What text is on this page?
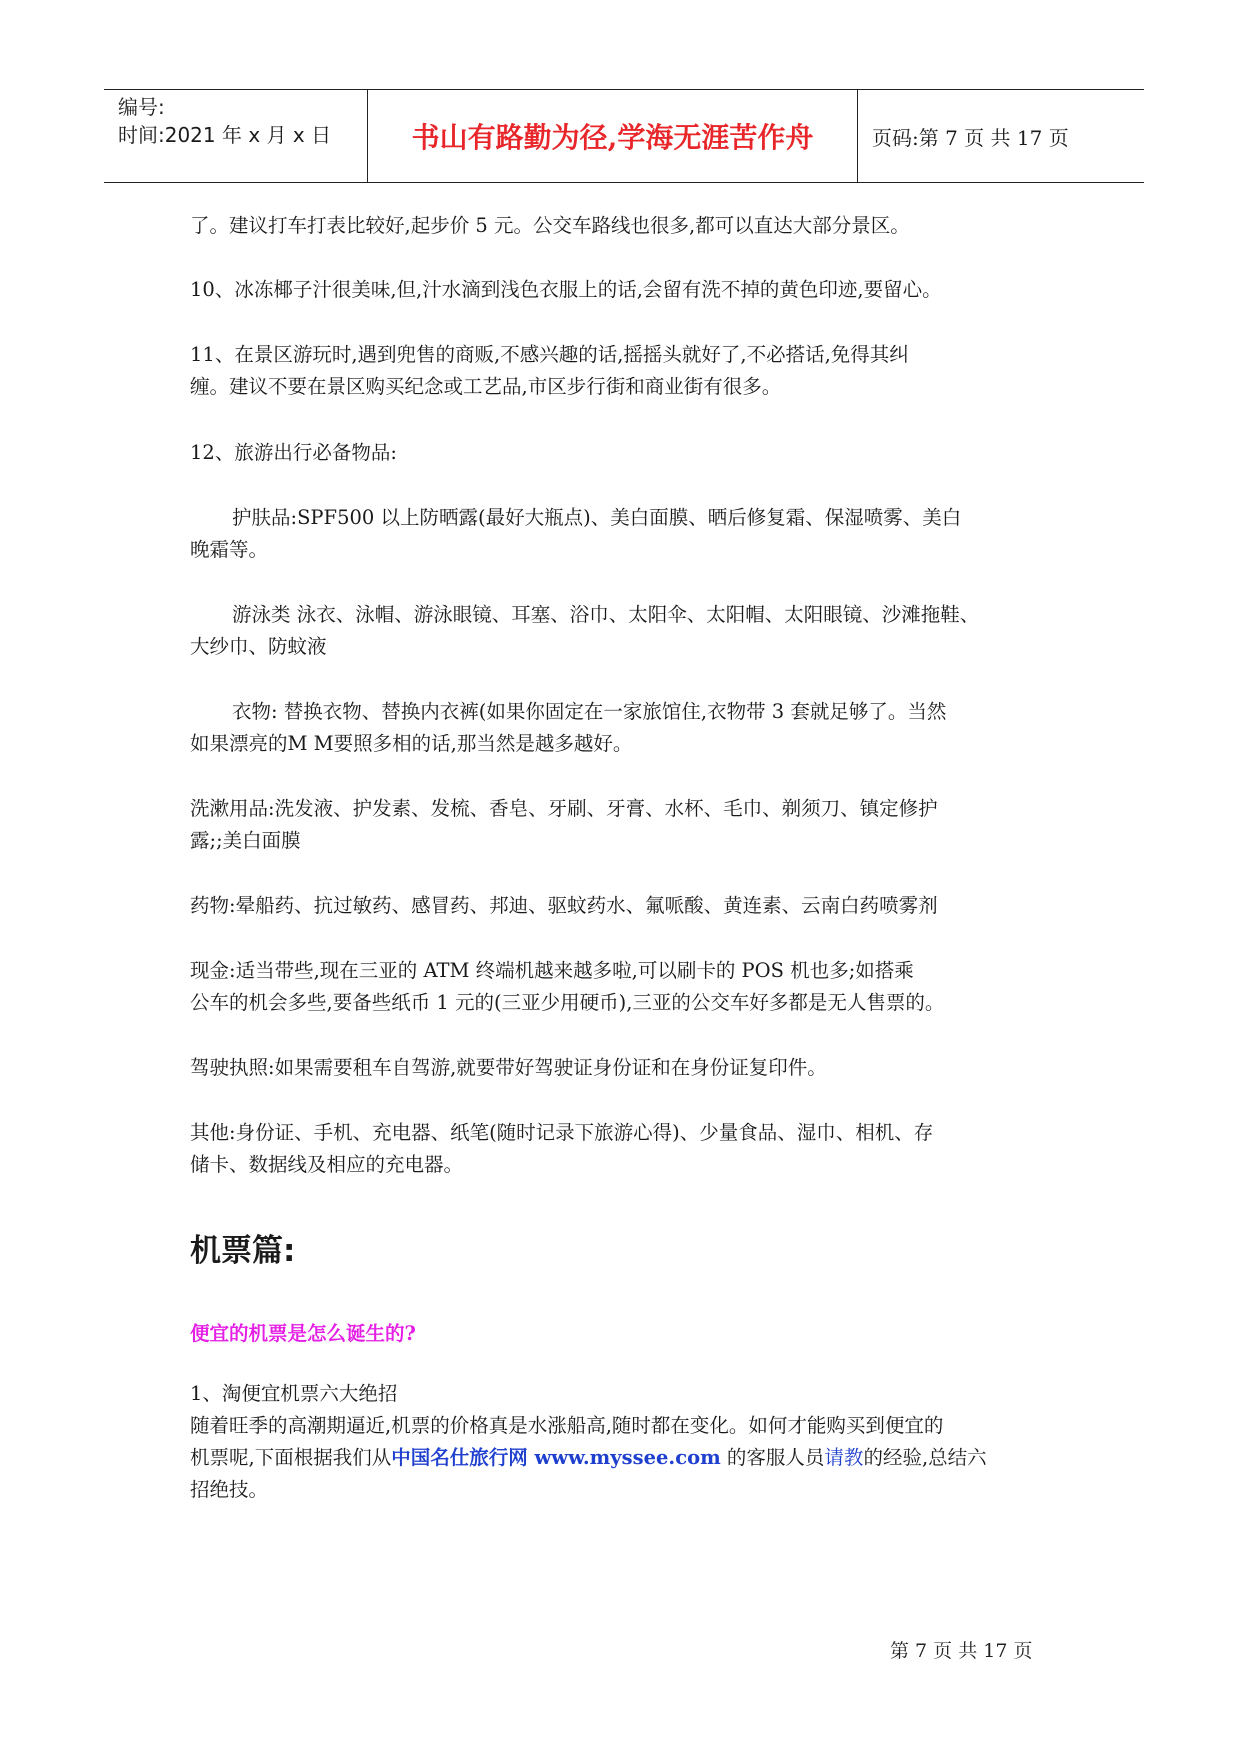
编号:
时间:2021 年 x 月 x 日	书山有路勤为径,学海无涯苦作舟	页码:第 7 页 共 17 页
了。建议打车打表比较好,起步价 5 元。公交车路线也很多,都可以直达大部分景区。
10、冰冻椰子汁很美味,但,汁水滴到浅色衣服上的话,会留有洗不掉的黄色印迹,要留心。
11、在景区游玩时,遇到兜售的商贩,不感兴趣的话,摇摇头就好了,不必搭话,免得其纠
缠。建议不要在景区购买纪念或工艺品,市区步行街和商业街有很多。
12、旅游出行必备物品:
护肤品:SPF500 以上防晒露(最好大瓶点)、美白面膜、晒后修复霜、保湿喷雾、美白
晚霜等。
游泳类 泳衣、泳帽、游泳眼镜、耳塞、浴巾、太阳伞、太阳帽、太阳眼镜、沙滩拖鞋、
大纱巾、防蚊液
衣物: 替换衣物、替换内衣裤(如果你固定在一家旅馆住,衣物带 3 套就足够了。当然
如果漂亮的M M要照多相的话,那当然是越多越好。
洗漱用品:洗发液、护发素、发梳、香皂、牙刷、牙膏、水杯、毛巾、剃须刀、镇定修护
露;;美白面膜
药物:晕船药、抗过敏药、感冒药、邦迪、驱蚊药水、氟哌酸、黄连素、云南白药喷雾剂
现金:适当带些,现在三亚的 ATM 终端机越来越多啦,可以刷卡的 POS 机也多;如搭乘
公车的机会多些,要备些纸币 1 元的(三亚少用硬币),三亚的公交车好多都是无人售票的。
驾驶执照:如果需要租车自驾游,就要带好驾驶证身份证和在身份证复印件。
其他:身份证、手机、充电器、纸笔(随时记录下旅游心得)、少量食品、湿巾、相机、存
储卡、数据线及相应的充电器。
机票篇:
便宜的机票是怎么诞生的?
1、淘便宜机票六大绝招
随着旺季的高潮期逼近,机票的价格真是水涨船高,随时都在变化。如何才能购买到便宜的
机票呢,下面根据我们从中国名仕旅行网 www.myssee.com 的客服人员请教的经验,总结六
招绝技。
第 7 页 共 17 页
